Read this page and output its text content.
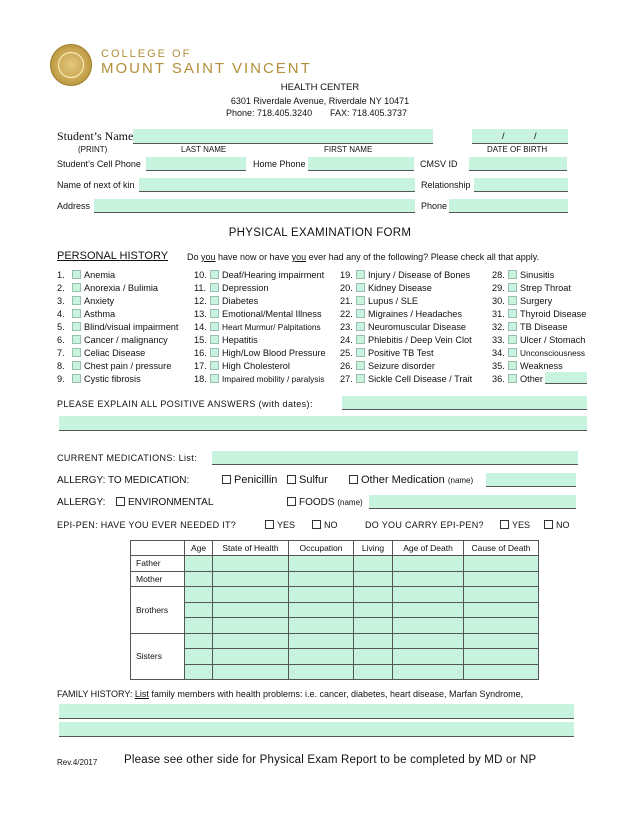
COLLEGE OF
MOUNT SAINT VINCENT
HEALTH CENTER
6301 Riverdale Avenue, Riverdale NY 10471
Phone: 718.405.3240 FAX: 718.405.3737
Student’s Name	/	/
(PRINT)	LAST NAME	FIRST NAME	DATE OF BIRTH
Student’s Cell Phone	Home Phone	CMSV ID
Name of next of kin	Relationship
Address	Phone
PHYSICAL EXAMINATION FORM
PERSONAL HISTORY Do you have now or have you ever had any of the following? Please check all that apply.
1. Anemia
2. Anorexia / Bulimia
3. Anxiety
4. Asthma
5. Blind/visual impairment
6. Cancer / malignancy
7. Celiac Disease
8. Chest pain / pressure
9. Cystic fibrosis
10. Deaf/Hearing impairment
11. Depression
12. Diabetes
13. Emotional/Mental Illness
14. Heart Murmur/ Palpitations
15. Hepatitis
16. High/Low Blood Pressure
17. High Cholesterol
18. Impaired mobility / paralysis
19. Injury / Disease of Bones
20. Kidney Disease
21. Lupus / SLE
22. Migraines / Headaches
23. Neuromuscular Disease
24. Phlebitis / Deep Vein Clot
25. Positive TB Test
26. Seizure disorder
27. Sickle Cell Disease / Trait
28. Sinusitis
29. Strep Throat
30. Surgery
31. Thyroid Disease
32. TB Disease
33. Ulcer / Stomach
34. Unconsciousness
35. Weakness
36. Other
PLEASE EXPLAIN ALL POSITIVE ANSWERS (with dates):
CURRENT MEDICATIONS: List:
ALLERGY: TO MEDICATION:	Penicillin	Sulfur	Other Medication (name)
ALLERGY:	ENVIRONMENTAL	FOODS (name)
EPI-PEN: HAVE YOU EVER NEEDED IT?	YES	NO	DO YOU CARRY EPI-PEN?	YES	NO
	Age	State of Health	Occupation	Living	Age of Death	Cause of Death
Father						
Mother						
Brothers						

Sisters						

FAMILY HISTORY: List family members with health problems: i.e. cancer, diabetes, heart disease, Marfan Syndrome,
Rev.4/2017 Please see other side for Physical Exam Report to be completed by MD or NP
